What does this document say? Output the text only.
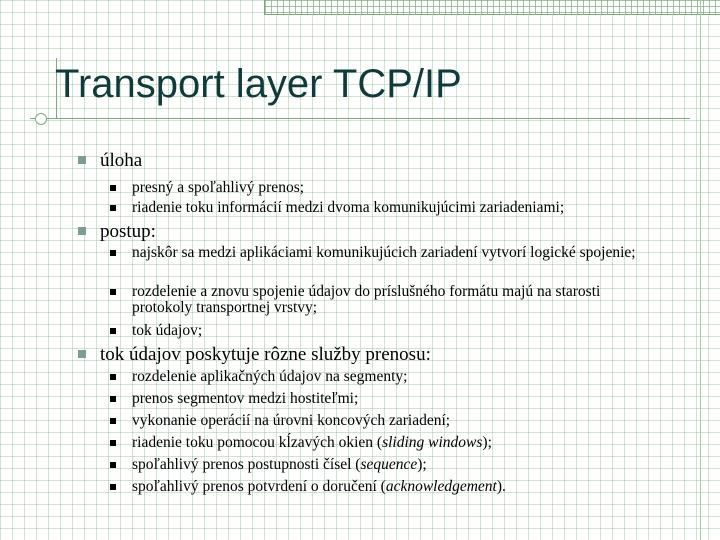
Transport layer TCP/IP
úloha
presný a spoľahlivý prenos;
riadenie toku informácií medzi dvoma komunikujúcimi zariadeniami;
postup:
najskôr sa medzi aplikáciami komunikujúcich zariadení vytvorí logické spojenie;
rozdelenie a znovu spojenie údajov do príslušného formátu majú na starosti protokoly transportnej vrstvy;
tok údajov;
tok údajov poskytuje rôzne služby prenosu:
rozdelenie aplikačných údajov na segmenty;
prenos segmentov medzi hostiteľmi;
vykonanie operácií na úrovni koncových zariadení;
riadenie toku pomocou kĺzavých okien (sliding windows);
spoľahlivý prenos postupnosti čísel (sequence);
spoľahlivý prenos potvrdení o doručení (acknowledgement).
